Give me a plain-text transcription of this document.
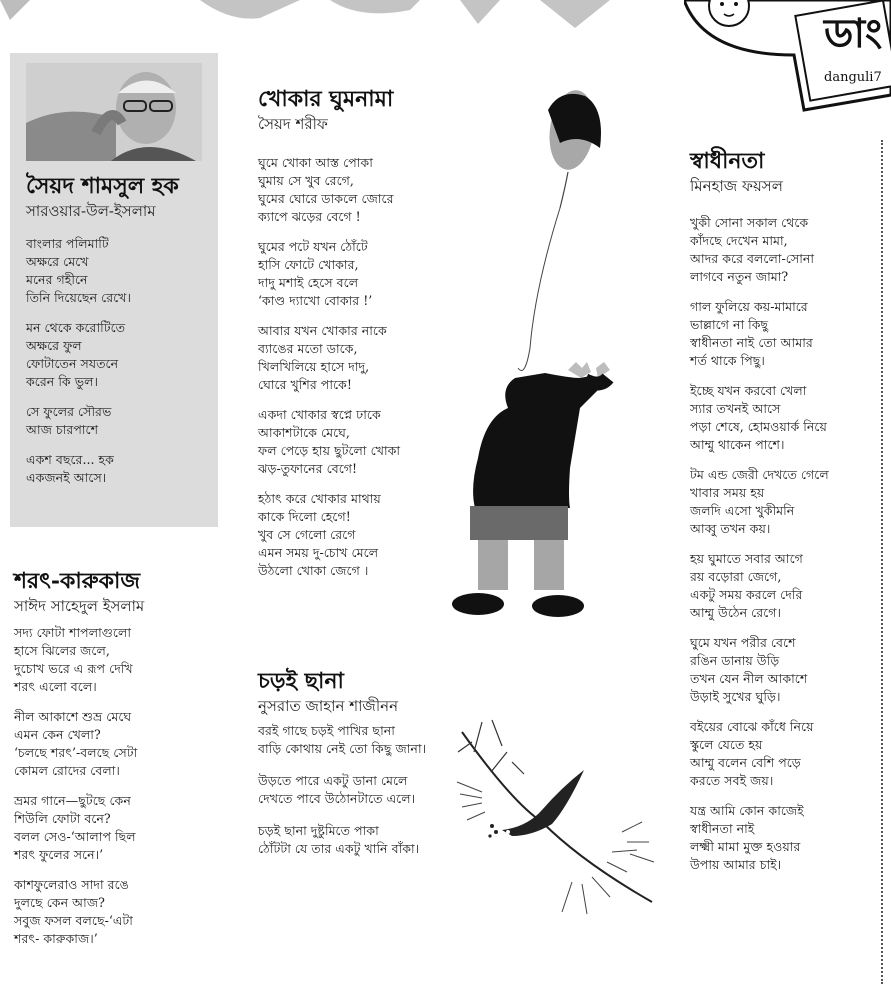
ডাং
danguli7
সৈয়দ শামসুল হক
সারওয়ার-উল-ইসলাম
বাংলার পলিমাটি
অক্ষরে মেখে
মনের গহীনে
তিনি দিয়েছেন রেখে।
মন থেকে করোটিতে
অক্ষরে ফুল
ফোটাতেন সযতনে
করেন কি ভুল।
সে ফুলের সৌরভ
আজ চারপাশে
একশ বছরে... হক
একজনই আসে।
শরৎ-কারুকাজ
সাঈদ সাহেদুল ইসলাম
সদ্য ফোটা শাপলাগুলো
হাসে ঝিলের জলে,
দুচোখ ভরে এ রূপ দেখি
শরৎ এলো বলে।
নীল আকাশে শুভ্র মেঘে
এমন কেন খেলা?
‘চলছে শরৎ’-বলছে সেটা
কোমল রোদের বেলা।
ভ্রমর গানে—ছুটছে কেন
শিউলি ফোটা বনে?
বলল সেও-‘আলাপ ছিল
শরৎ ফুলের সনে।’
কাশফুলেরাও সাদা রঙে
দুলছে কেন আজ?
সবুজ ফসল বলছে-‘এটা
শরৎ- কারুকাজ।’
খোকার ঘুমনামা
সৈয়দ শরীফ
ঘুমে খোকা আস্ত পোকা
ঘুমায় সে খুব রেগে,
ঘুমের ঘোরে ডাকলে জোরে
ক্যাপে ঝড়ের বেগে !
ঘুমের পটে যখন ঠোঁটে
হাসি ফোটে খোকার,
দাদু মশাই হেসে বলে
‘কাণ্ড দ্যাখো বোকার !’
আবার যখন খোকার নাকে
ব্যাঙের মতো ডাকে,
খিলখিলিয়ে হাসে দাদু,
ঘোরে খুশির পাকে!
একদা খোকার স্বপ্নে ঢাকে
আকাশটাকে মেঘে,
ফল পেড়ে হায় ছুটলো খোকা
ঝড়-তুফানের বেগে!
হঠাৎ করে খোকার মাথায়
কাকে দিলো হেগে!
খুব সে গেলো রেগে
এমন সময় দু-চোখ মেলে
উঠলো খোকা জেগে ।
চড়ই ছানা
নুসরাত জাহান শাজীনন
বরই গাছে চড়ই পাখির ছানা
বাড়ি কোথায় নেই তো কিছু জানা।
উড়তে পারে একটু ডানা মেলে
দেখতে পাবে উঠোনটাতে এলে।
চড়ই ছানা দুষ্টুমিতে পাকা
ঠোঁটটা যে তার একটু খানি বাঁকা।
স্বাধীনতা
মিনহাজ ফয়সল
খুকী সোনা সকাল থেকে
কাঁদছে দেখেন মামা,
আদর করে বললো-সোনা
লাগবে নতুন জামা?
গাল ফুলিয়ে কয়-মামারে
ভাল্লাগে না কিছু
স্বাধীনতা নাই তো আমার
শর্ত থাকে পিছু।
ইচ্ছে যখন করবো খেলা
স্যার তখনই আসে
পড়া শেষে, হোমওয়ার্ক নিয়ে
আম্মু থাকেন পাশে।
টম এন্ড জেরী দেখতে গেলে
খাবার সময় হয়
জলদি এসো খুকীমনি
আব্বু তখন কয়।
হয় ঘুমাতে সবার আগে
রয় বড়োরা জেগে,
একটু সময় করলে দেরি
আম্মু উঠেন রেগে।
ঘুমে যখন পরীর বেশে
রঙিন ডানায় উড়ি
তখন যেন নীল আকাশে
উড়াই সুখের ঘুড়ি।
বইয়ের বোঝে কাঁধে নিয়ে
স্কুলে যেতে হয়
আম্মু বলেন বেশি পড়ে
করতে সবই জয়।
যন্ত্র আমি কোন কাজেই
স্বাধীনতা নাই
লক্ষ্মী মামা মুক্ত হওয়ার
উপায় আমার চাই।
